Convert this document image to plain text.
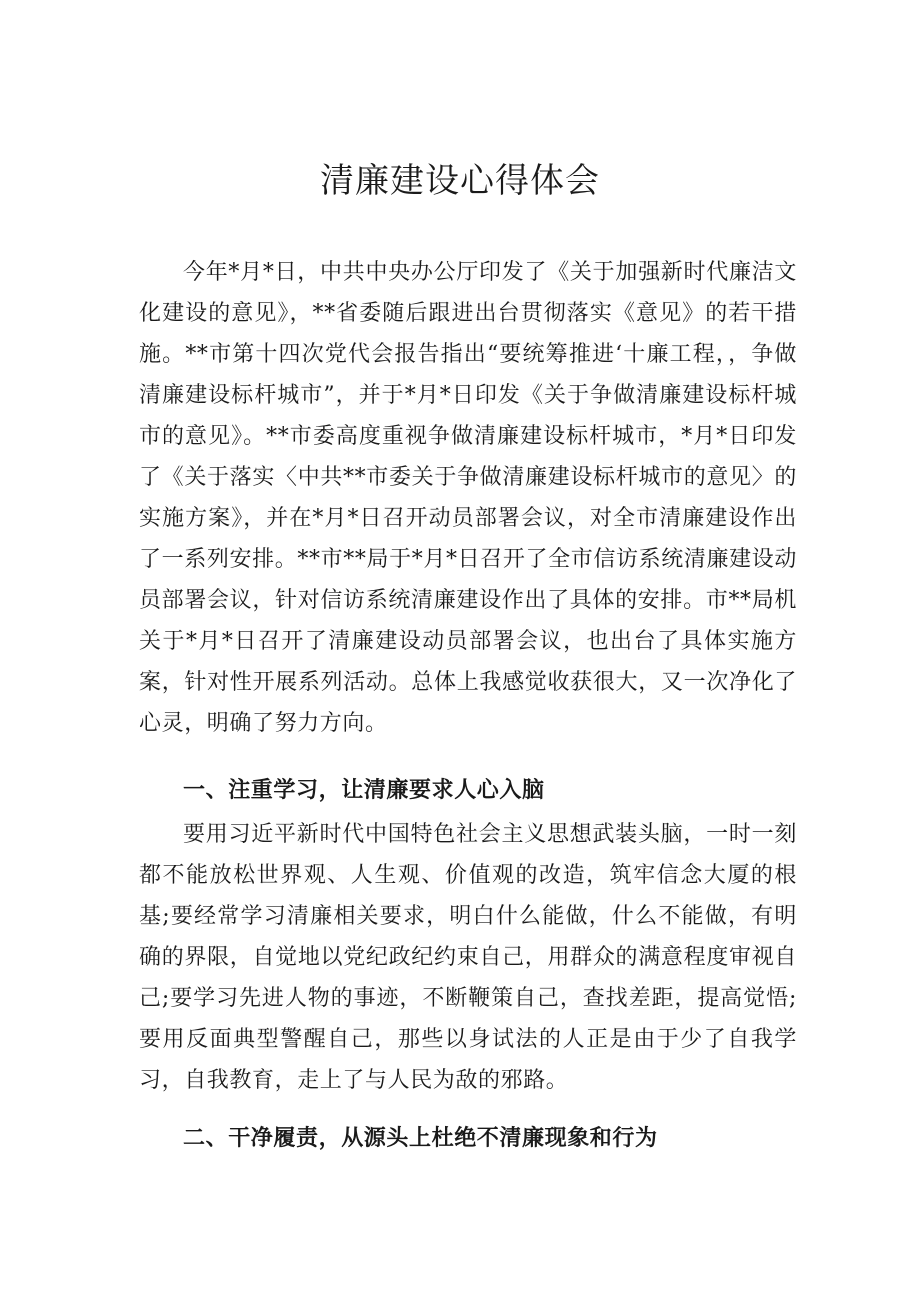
清廉建设心得体会

今年*月*日，中共中央办公厅印发了《关于加强新时代廉洁文化建设的意见》，**省委随后跟进出台贯彻落实《意见》的若干措施。**市第十四次党代会报告指出“要统筹推进‘十廉工程，，争做清廉建设标杆城市”，并于*月*日印发《关于争做清廉建设标杆城市的意见》。**市委高度重视争做清廉建设标杆城市，*月*日印发了《关于落实〈中共**市委关于争做清廉建设标杆城市的意见〉的实施方案》，并在*月*日召开动员部署会议，对全市清廉建设作出了一系列安排。**市**局于*月*日召开了全市信访系统清廉建设动员部署会议，针对信访系统清廉建设作出了具体的安排。市**局机关于*月*日召开了清廉建设动员部署会议，也出台了具体实施方案，针对性开展系列活动。总体上我感觉收获很大，又一次净化了心灵，明确了努力方向。

一、注重学习，让清廉要求人心入脑

要用习近平新时代中国特色社会主义思想武装头脑，一时一刻都不能放松世界观、人生观、价值观的改造，筑牢信念大厦的根基;要经常学习清廉相关要求，明白什么能做，什么不能做，有明确的界限，自觉地以党纪政纪约束自己，用群众的满意程度审视自己;要学习先进人物的事迹，不断鞭策自己，查找差距，提高觉悟;要用反面典型警醒自己，那些以身试法的人正是由于少了自我学习，自我教育，走上了与人民为敌的邪路。

二、干净履责，从源头上杜绝不清廉现象和行为
